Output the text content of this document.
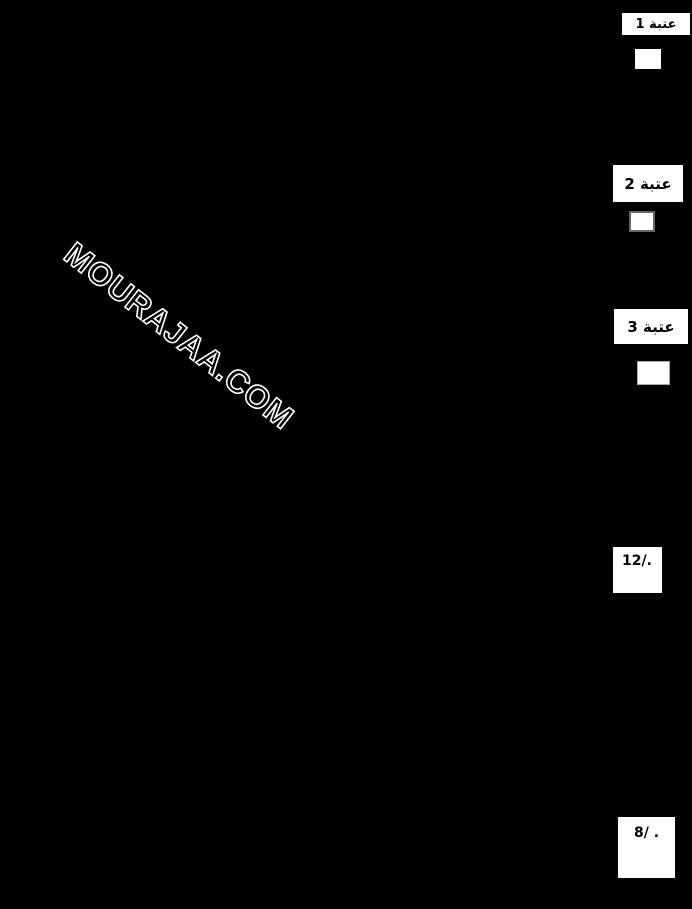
MOURAJAA.COM
عتبة 1
عتبة 2
عتبة 3
12/.
8/ .
